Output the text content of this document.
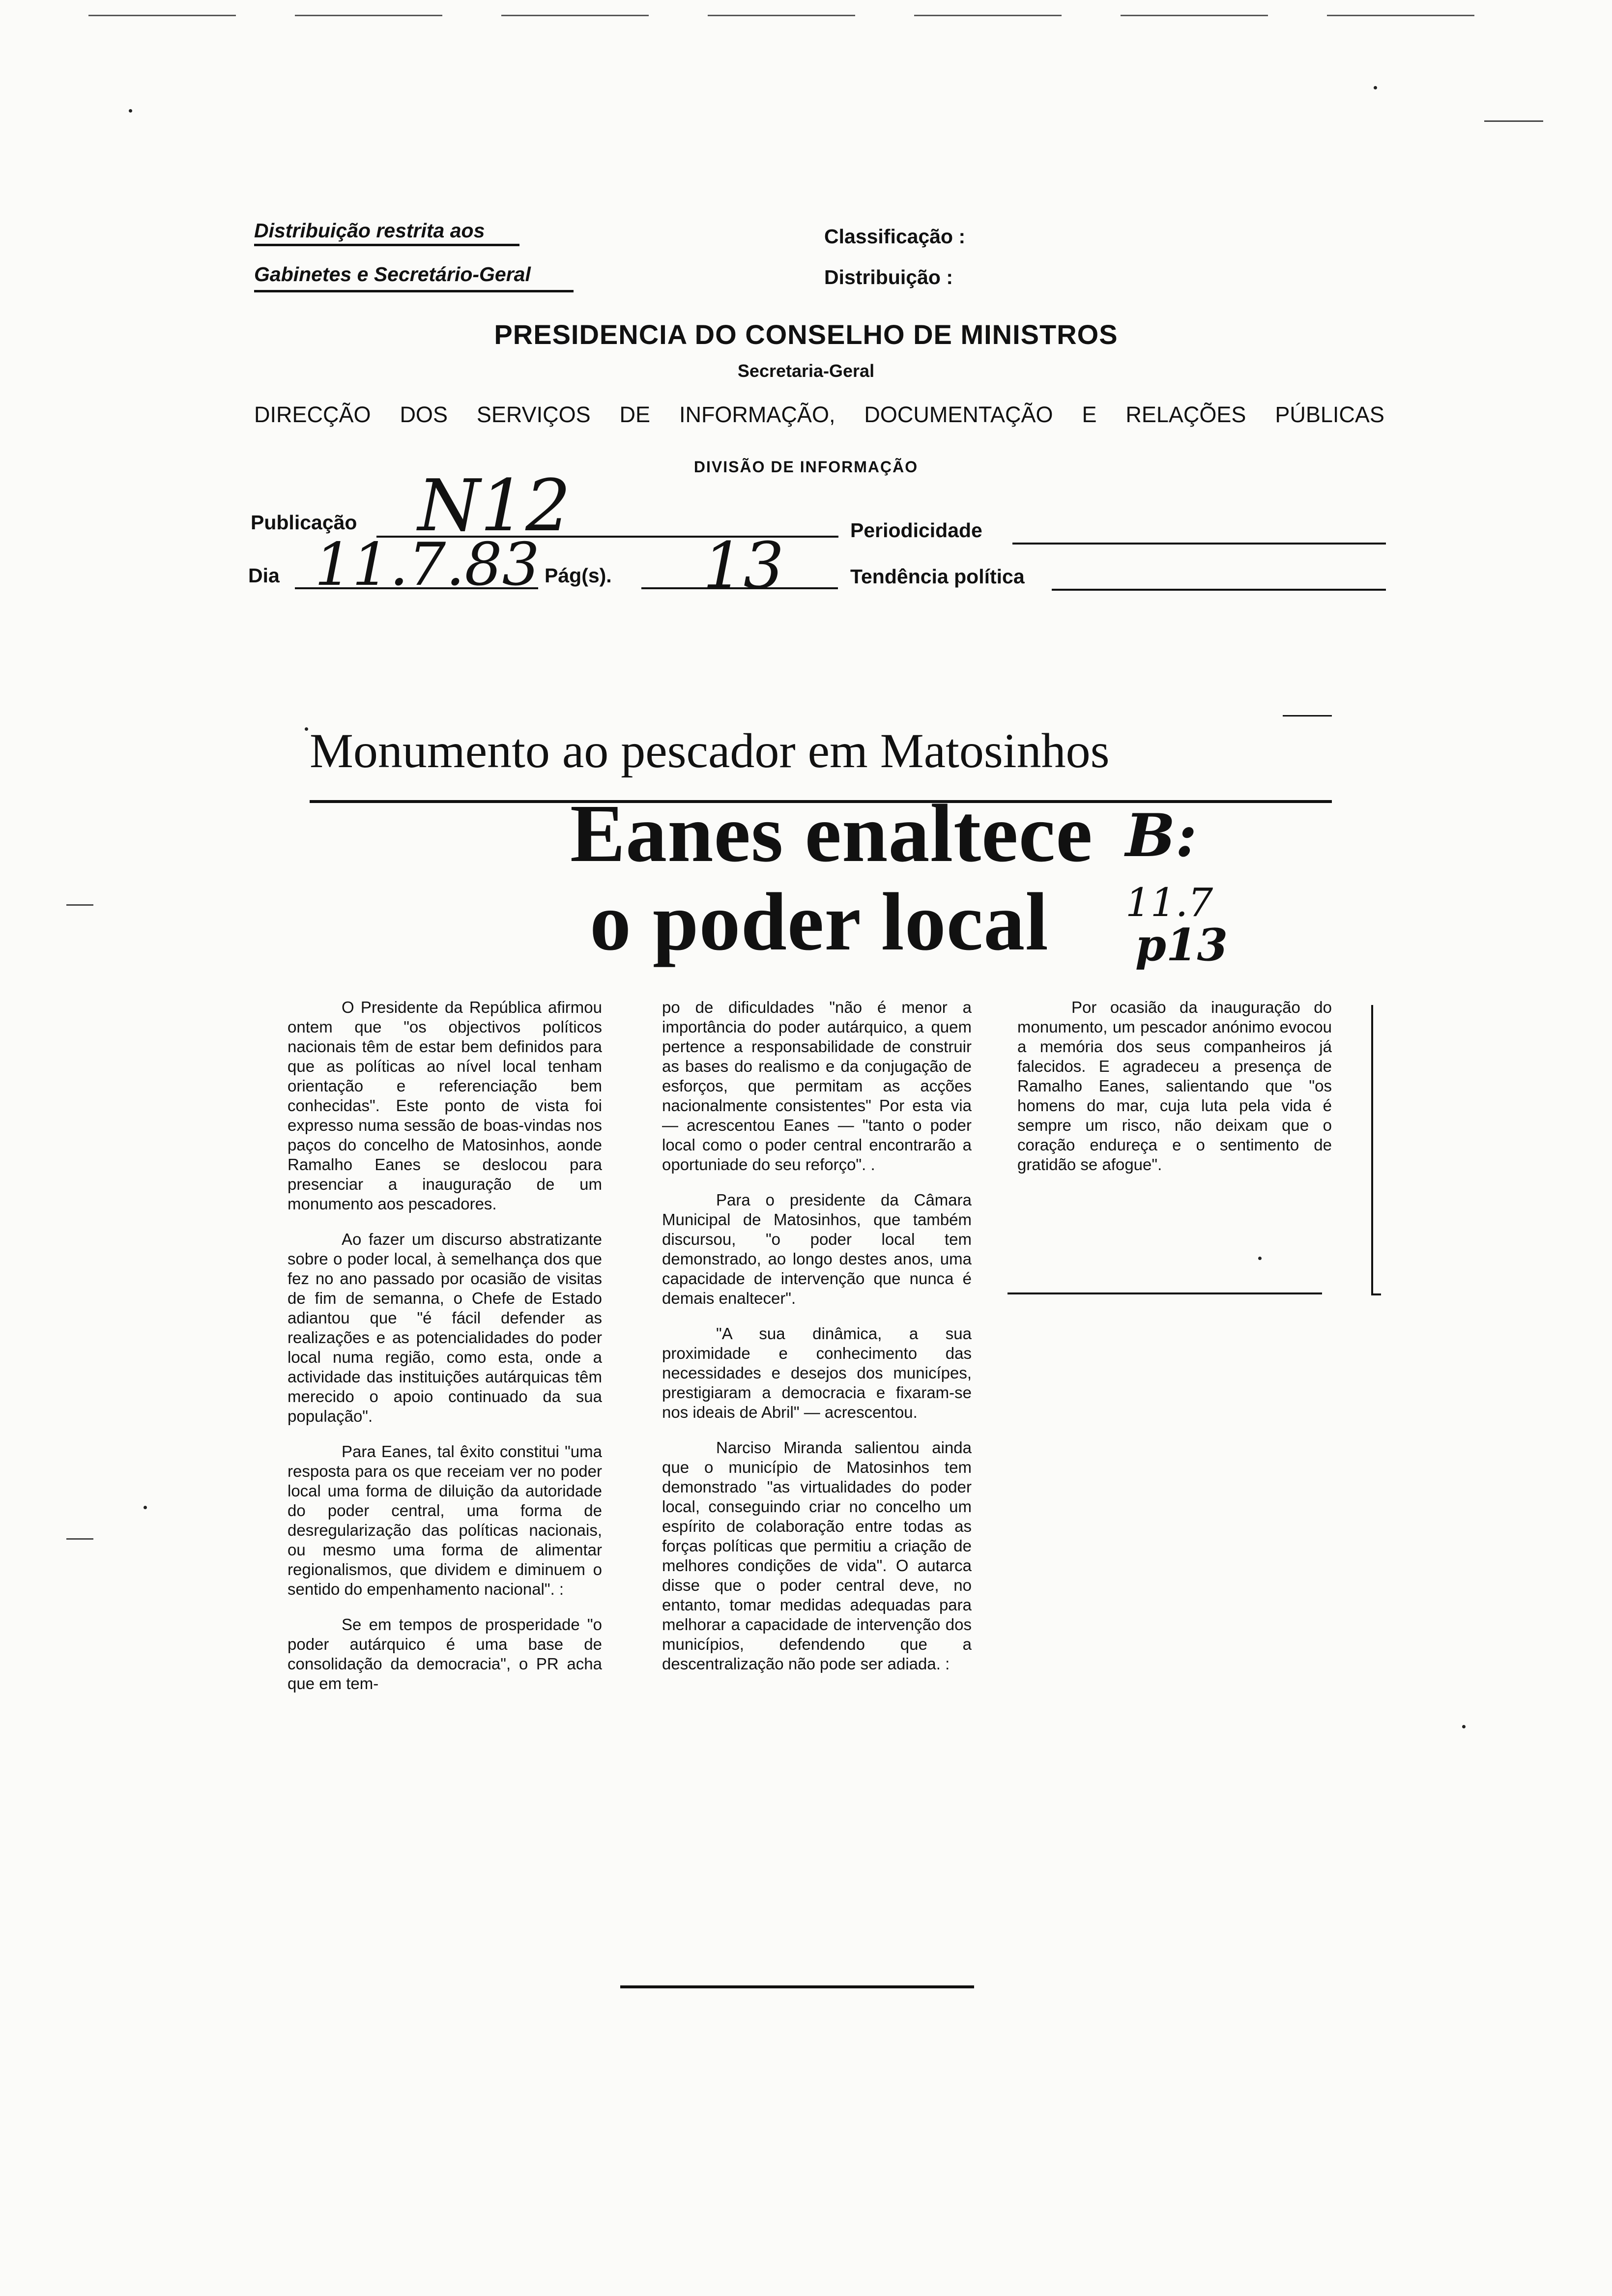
Distribuição restrita aos
Gabinetes e Secretário-Geral
Classificação :
Distribuição :
PRESIDENCIA DO CONSELHO DE MINISTROS
Secretaria-Geral
DIRECÇÃO DOS SERVIÇOS DE INFORMAÇÃO, DOCUMENTAÇÃO E RELAÇÕES PÚBLICAS
DIVISÃO DE INFORMAÇÃO
Publicação N12	Periodicidade
Dia 11.7.83 Pág(s). 13	Tendência política
Monumento ao pescador em Matosinhos
Eanes enaltece
o poder local
B:
11.7
p13

O Presidente da República afirmou ontem que "os objectivos políticos nacionais têm de estar bem definidos para que as políticas ao nível local tenham orientação e referenciação bem conhecidas". Este ponto de vista foi expresso numa sessão de boas-vindas nos paços do concelho de Matosinhos, aonde Ramalho Eanes se deslocou para presenciar a inauguração de um monumento aos pescadores.

Ao fazer um discurso abstratizante sobre o poder local, à semelhança dos que fez no ano passado por ocasião de visitas de fim de semanna, o Chefe de Estado adiantou que "é fácil defender as realizações e as potencialidades do poder local numa região, como esta, onde a actividade das instituições autárquicas têm merecido o apoio continuado da sua população".

Para Eanes, tal êxito constitui "uma resposta para os que receiam ver no poder local uma forma de diluição da autoridade do poder central, uma forma de desregularização das políticas nacionais, ou mesmo uma forma de alimentar regionalismos, que dividem e diminuem o sentido do empenhamento nacional". :

Se em tempos de prosperidade "o poder autárquico é uma base de consolidação da democracia", o PR acha que em tem-

po de dificuldades "não é menor a importância do poder autárquico, a quem pertence a responsabilidade de construir as bases do realismo e da conjugação de esforços, que permitam as acções nacionalmente consistentes" Por esta via — acrescentou Eanes — "tanto o poder local como o poder central encontrarão a oportuniade do seu reforço". .

Para o presidente da Câmara Municipal de Matosinhos, que também discursou, "o poder local tem demonstrado, ao longo destes anos, uma capacidade de intervenção que nunca é demais enaltecer".

"A sua dinâmica, a sua proximidade e conhecimento das necessidades e desejos dos municípes, prestigiaram a democracia e fixaram-se nos ideais de Abril" — acrescentou.

Narciso Miranda salientou ainda que o município de Matosinhos tem demonstrado "as virtualidades do poder local, conseguindo criar no concelho um espírito de colaboração entre todas as forças políticas que permitiu a criação de melhores condições de vida". O autarca disse que o poder central deve, no entanto, tomar medidas adequadas para melhorar a capacidade de intervenção dos municípios, defendendo que a descentralização não pode ser adiada. :

Por ocasião da inauguração do monumento, um pescador anónimo evocou a memória dos seus companheiros já falecidos. E agradeceu a presença de Ramalho Eanes, salientando que "os homens do mar, cuja luta pela vida é sempre um risco, não deixam que o coração endureça e o sentimento de gratidão se afogue".
